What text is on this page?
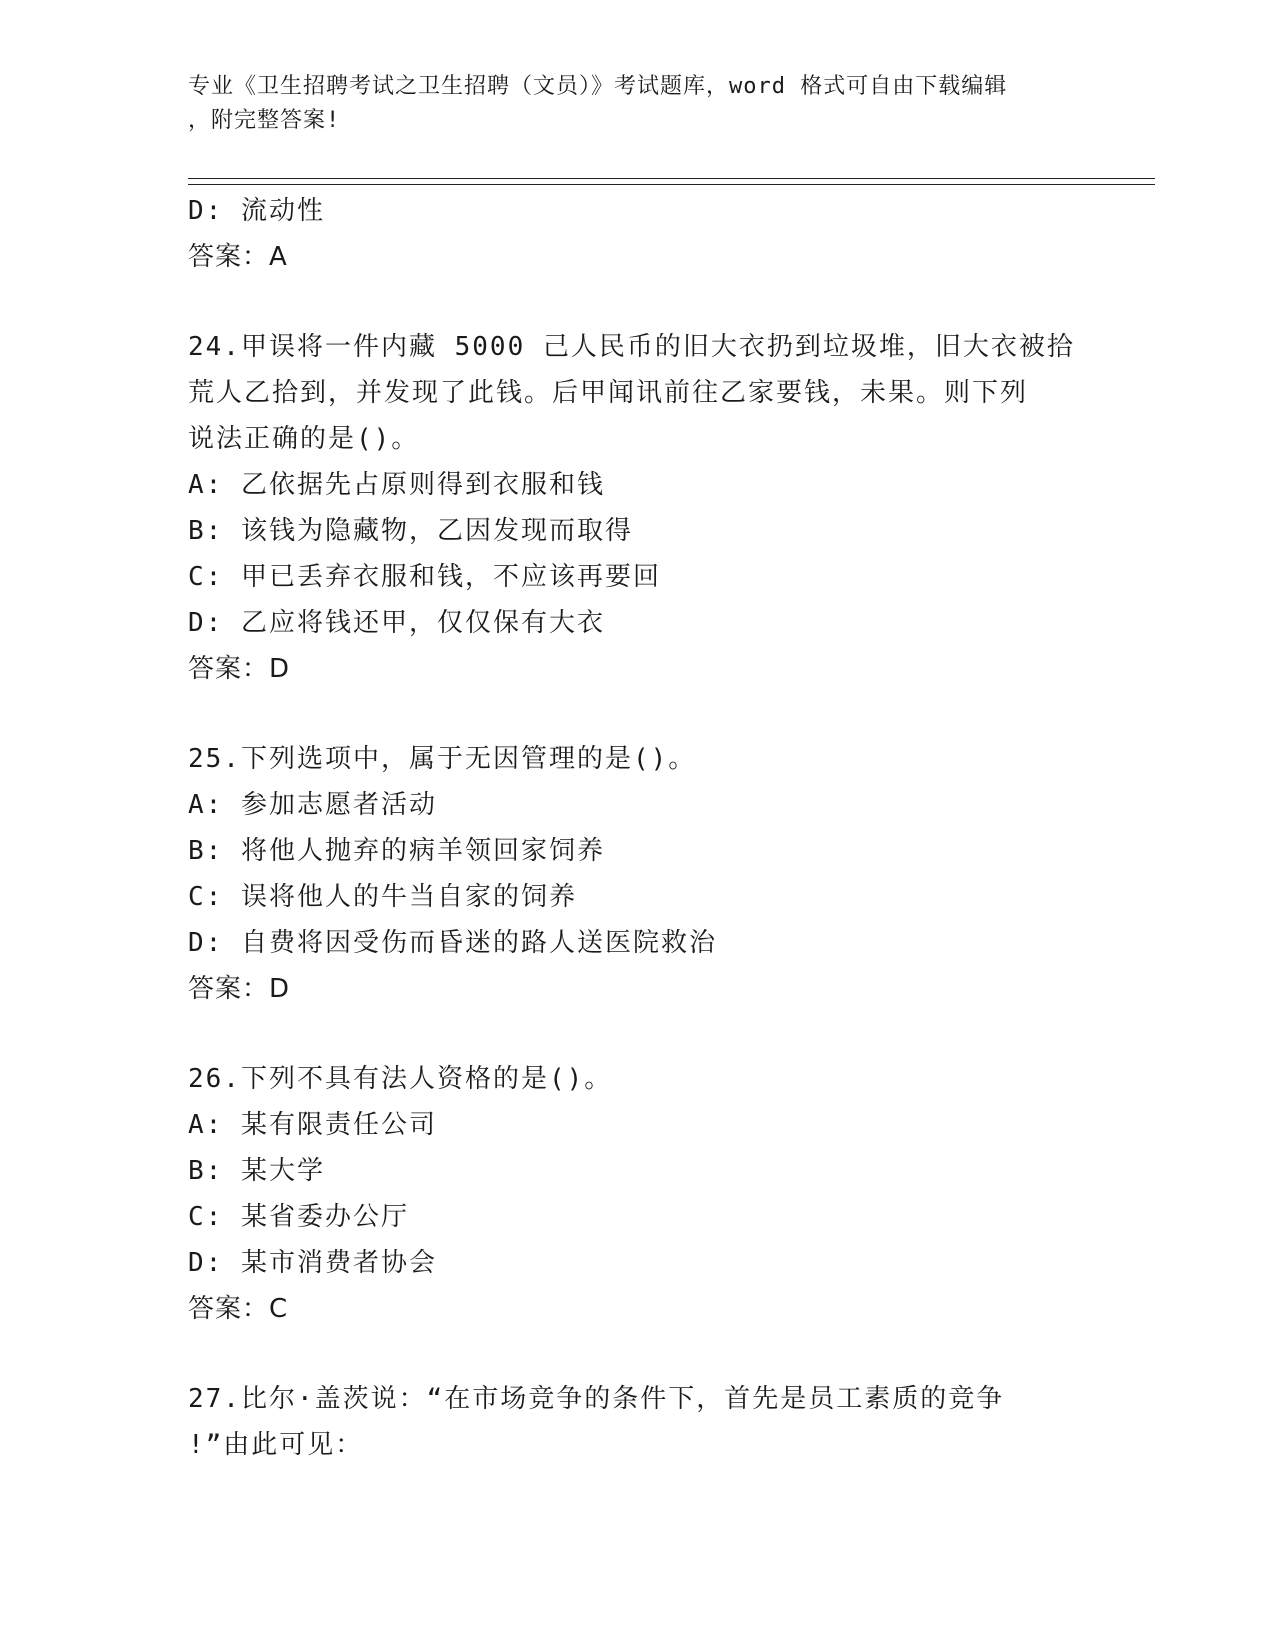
专业《卫生招聘考试之卫生招聘（文员）》考试题库，word 格式可自由下载编辑
，附完整答案!
D: 流动性
答案：A
24.甲误将一件内藏 5000 己人民币的旧大衣扔到垃圾堆，旧大衣被拾
荒人乙拾到，并发现了此钱。后甲闻讯前往乙家要钱，未果。则下列
说法正确的是()。
A: 乙依据先占原则得到衣服和钱
B: 该钱为隐藏物，乙因发现而取得
C: 甲已丢弃衣服和钱，不应该再要回
D: 乙应将钱还甲，仅仅保有大衣
答案：D
25.下列选项中，属于无因管理的是()。
A: 参加志愿者活动
B: 将他人抛弃的病羊领回家饲养
C: 误将他人的牛当自家的饲养
D: 自费将因受伤而昏迷的路人送医院救治
答案：D
26.下列不具有法人资格的是()。
A: 某有限责任公司
B: 某大学
C: 某省委办公厅
D: 某市消费者协会
答案：C
27.比尔·盖茨说：“在市场竞争的条件下，首先是员工素质的竞争
!”由此可见：
